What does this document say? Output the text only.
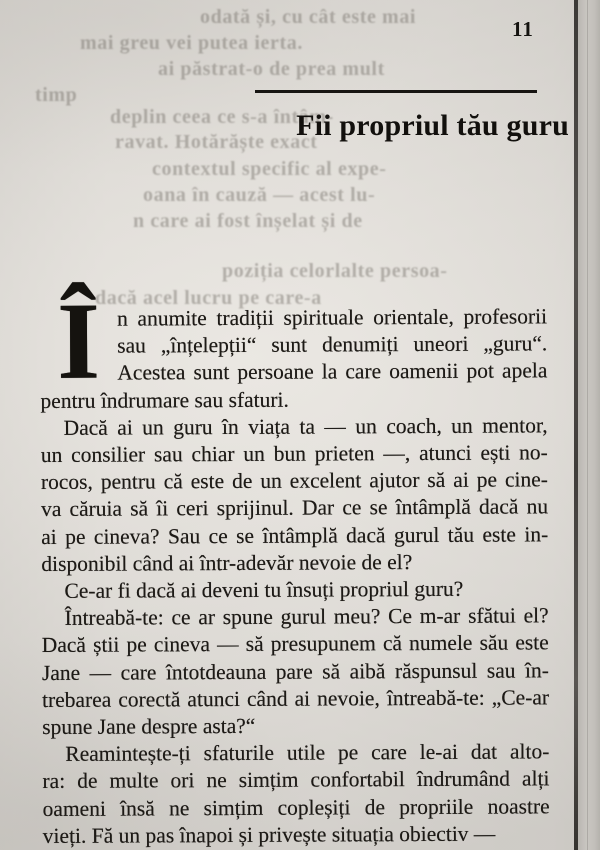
odată și, cu cât este mai
mai greu vei putea ierta.
ai păstrat-o de prea mult
timp
deplin ceea ce s-a întâm-
ravat. Hotărăște exact
contextul specific al expe-
oana în cauză — acest lu-
n care ai fost înșelat și de
poziția celorlalte persoa-
dacă acel lucru pe care-a
11
Fii propriul tău guru
Î n anumite tradiții spirituale orientale, profesorii
sau „înțelepții“ sunt denumiți uneori „guru“.
Acestea sunt persoane la care oamenii pot apela
pentru îndrumare sau sfaturi.
Dacă ai un guru în viața ta — un coach, un mentor,
un consilier sau chiar un bun prieten —, atunci ești no-
rocos, pentru că este de un excelent ajutor să ai pe cine-
va căruia să îi ceri sprijinul. Dar ce se întâmplă dacă nu
ai pe cineva? Sau ce se întâmplă dacă gurul tău este in-
disponibil când ai într-adevăr nevoie de el?
Ce-ar fi dacă ai deveni tu însuți propriul guru?
Întreabă-te: ce ar spune gurul meu? Ce m-ar sfătui el?
Dacă știi pe cineva — să presupunem că numele său este
Jane — care întotdeauna pare să aibă răspunsul sau în-
trebarea corectă atunci când ai nevoie, întreabă-te: „Ce-ar
spune Jane despre asta?“
Reamintește-ți sfaturile utile pe care le-ai dat alto-
ra: de multe ori ne simțim confortabil îndrumând alți
oameni însă ne simțim copleșiți de propriile noastre
vieți. Fă un pas înapoi și privește situația obiectiv —
